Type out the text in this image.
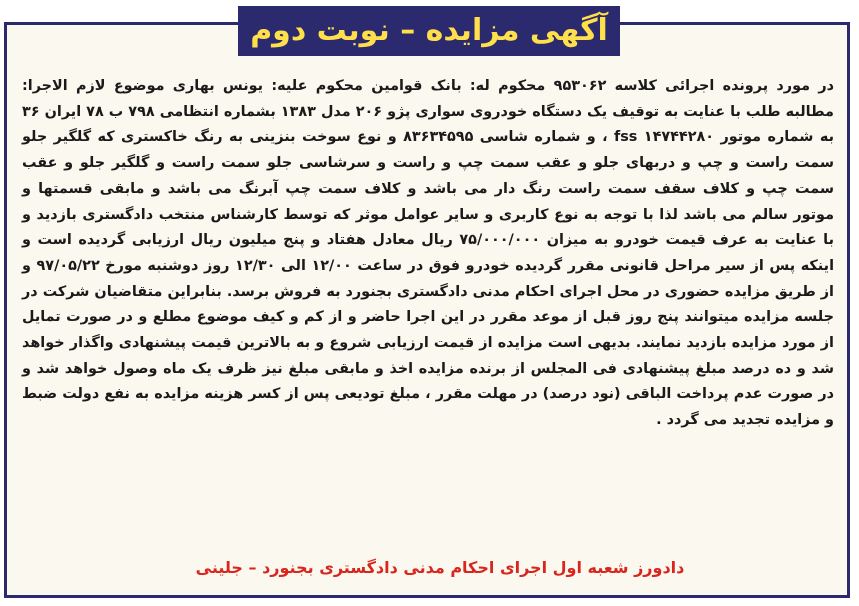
آگهی مزایده – نوبت دوم

در مورد پرونده اجرائی کلاسه ۹۵۳۰۶۲ محکوم له: بانک قوامین محکوم علیه: یونس بهاری موضوع لازم الاجرا: مطالبه طلب با عنایت به توقیف یک دستگاه خودروی سواری پژو ۲۰۶ مدل ۱۳۸۳ بشماره انتظامی ۷۹۸ ب ۷۸ ایران ۳۶ به شماره موتور ۱۴۷۴۴۲۸۰ fss ، و شماره شاسی ۸۳۶۳۴۵۹۵ و نوع سوخت بنزینی به رنگ خاکستری که گلگیر جلو سمت راست و چپ و دربهای جلو و عقب سمت چپ و راست و سرشاسی جلو سمت راست و گلگیر جلو و عقب سمت چپ و کلاف سقف سمت راست رنگ دار می باشد و کلاف سمت چپ آبرنگ می باشد و مابقی قسمتها و موتور سالم می باشد لذا با توجه به نوع کاربری و سایر عوامل موثر که توسط کارشناس منتخب دادگستری بازدید و با عنایت به عرف قیمت خودرو به میزان ۷۵/۰۰۰/۰۰۰ ریال معادل هفتاد و پنج میلیون ریال ارزیابی گردیده است و اینکه پس از سیر مراحل قانونی مقرر گردیده خودرو فوق در ساعت ۱۲/۰۰ الی ۱۲/۳۰ روز دوشنبه مورخ ۹۷/۰۵/۲۲ و از طریق مزایده حضوری در محل اجرای احکام مدنی دادگستری بجنورد به فروش برسد. بنابراین متقاضیان شرکت در جلسه مزایده میتوانند پنج روز قبل از موعد مقرر در این اجرا حاضر و از کم و کیف موضوع مطلع و در صورت تمایل از مورد مزایده بازدید نمایند. بدیهی است مزایده از قیمت ارزیابی شروع و به بالاترین قیمت پیشنهادی واگذار خواهد شد و ده درصد مبلغ پیشنهادی فی المجلس از برنده مزایده اخذ و مابقی مبلغ نیز ظرف یک ماه وصول خواهد شد و در صورت عدم پرداخت الباقی (نود درصد) در مهلت مقرر ، مبلغ تودیعی پس از کسر هزینه مزایده به نفع دولت ضبط و مزایده تجدید می گردد .

دادورز شعبه اول اجرای احکام مدنی دادگستری بجنورد – جلینی
